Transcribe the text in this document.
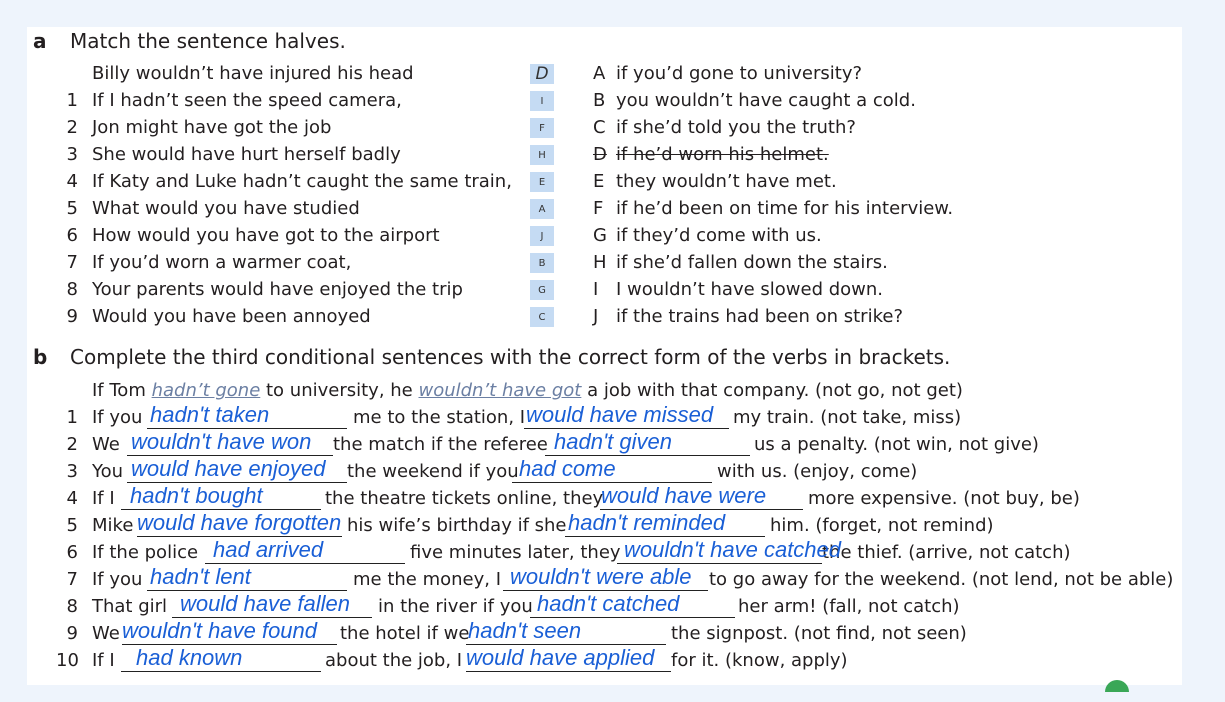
a Match the sentence halves.
Billy wouldn’t have injured his head	D
1 If I hadn’t seen the speed camera,	I
2 Jon might have got the job	F
3 She would have hurt herself badly	H
4 If Katy and Luke hadn’t caught the same train,	E
5 What would you have studied	A
6 How would you have got to the airport	J
7 If you’d worn a warmer coat,	B
8 Your parents would have enjoyed the trip	G
9 Would you have been annoyed	C
A if you’d gone to university?
B you wouldn’t have caught a cold.
C if she’d told you the truth?
D if he’d worn his helmet.
E they wouldn’t have met.
F if he’d been on time for his interview.
G if they’d come with us.
H if she’d fallen down the stairs.
I I wouldn’t have slowed down.
J if the trains had been on strike?
b Complete the third conditional sentences with the correct form of the verbs in brackets.
If Tom hadn’t gone to university, he wouldn’t have got a job with that company. (not go, not get)
1 If you	me to the station, I	my train. (not take, miss)
hadn't taken	would have missed
2 We	the match if the referee	us a penalty. (not win, not give)
wouldn't have won	hadn't given
3 You	the weekend if you	with us. (enjoy, come)
would have enjoyed	had come
4 If I	the theatre tickets online, they	more expensive. (not buy, be)
hadn't bought	would have were
5 Mike	his wife’s birthday if she	him. (forget, not remind)
would have forgotten	hadn't reminded
6 If the police	five minutes later, they	the thief. (arrive, not catch)
had arrived	wouldn't have catched
7 If you	me the money, I	to go away for the weekend. (not lend, not be able)
hadn't lent	wouldn't were able
8 That girl	in the river if you	her arm! (fall, not catch)
would have fallen	hadn't catched
9 We	the hotel if we	the signpost. (not find, not seen)
wouldn't have found	hadn't seen
10 If I	about the job, I	for it. (know, apply)
had known	would have applied
